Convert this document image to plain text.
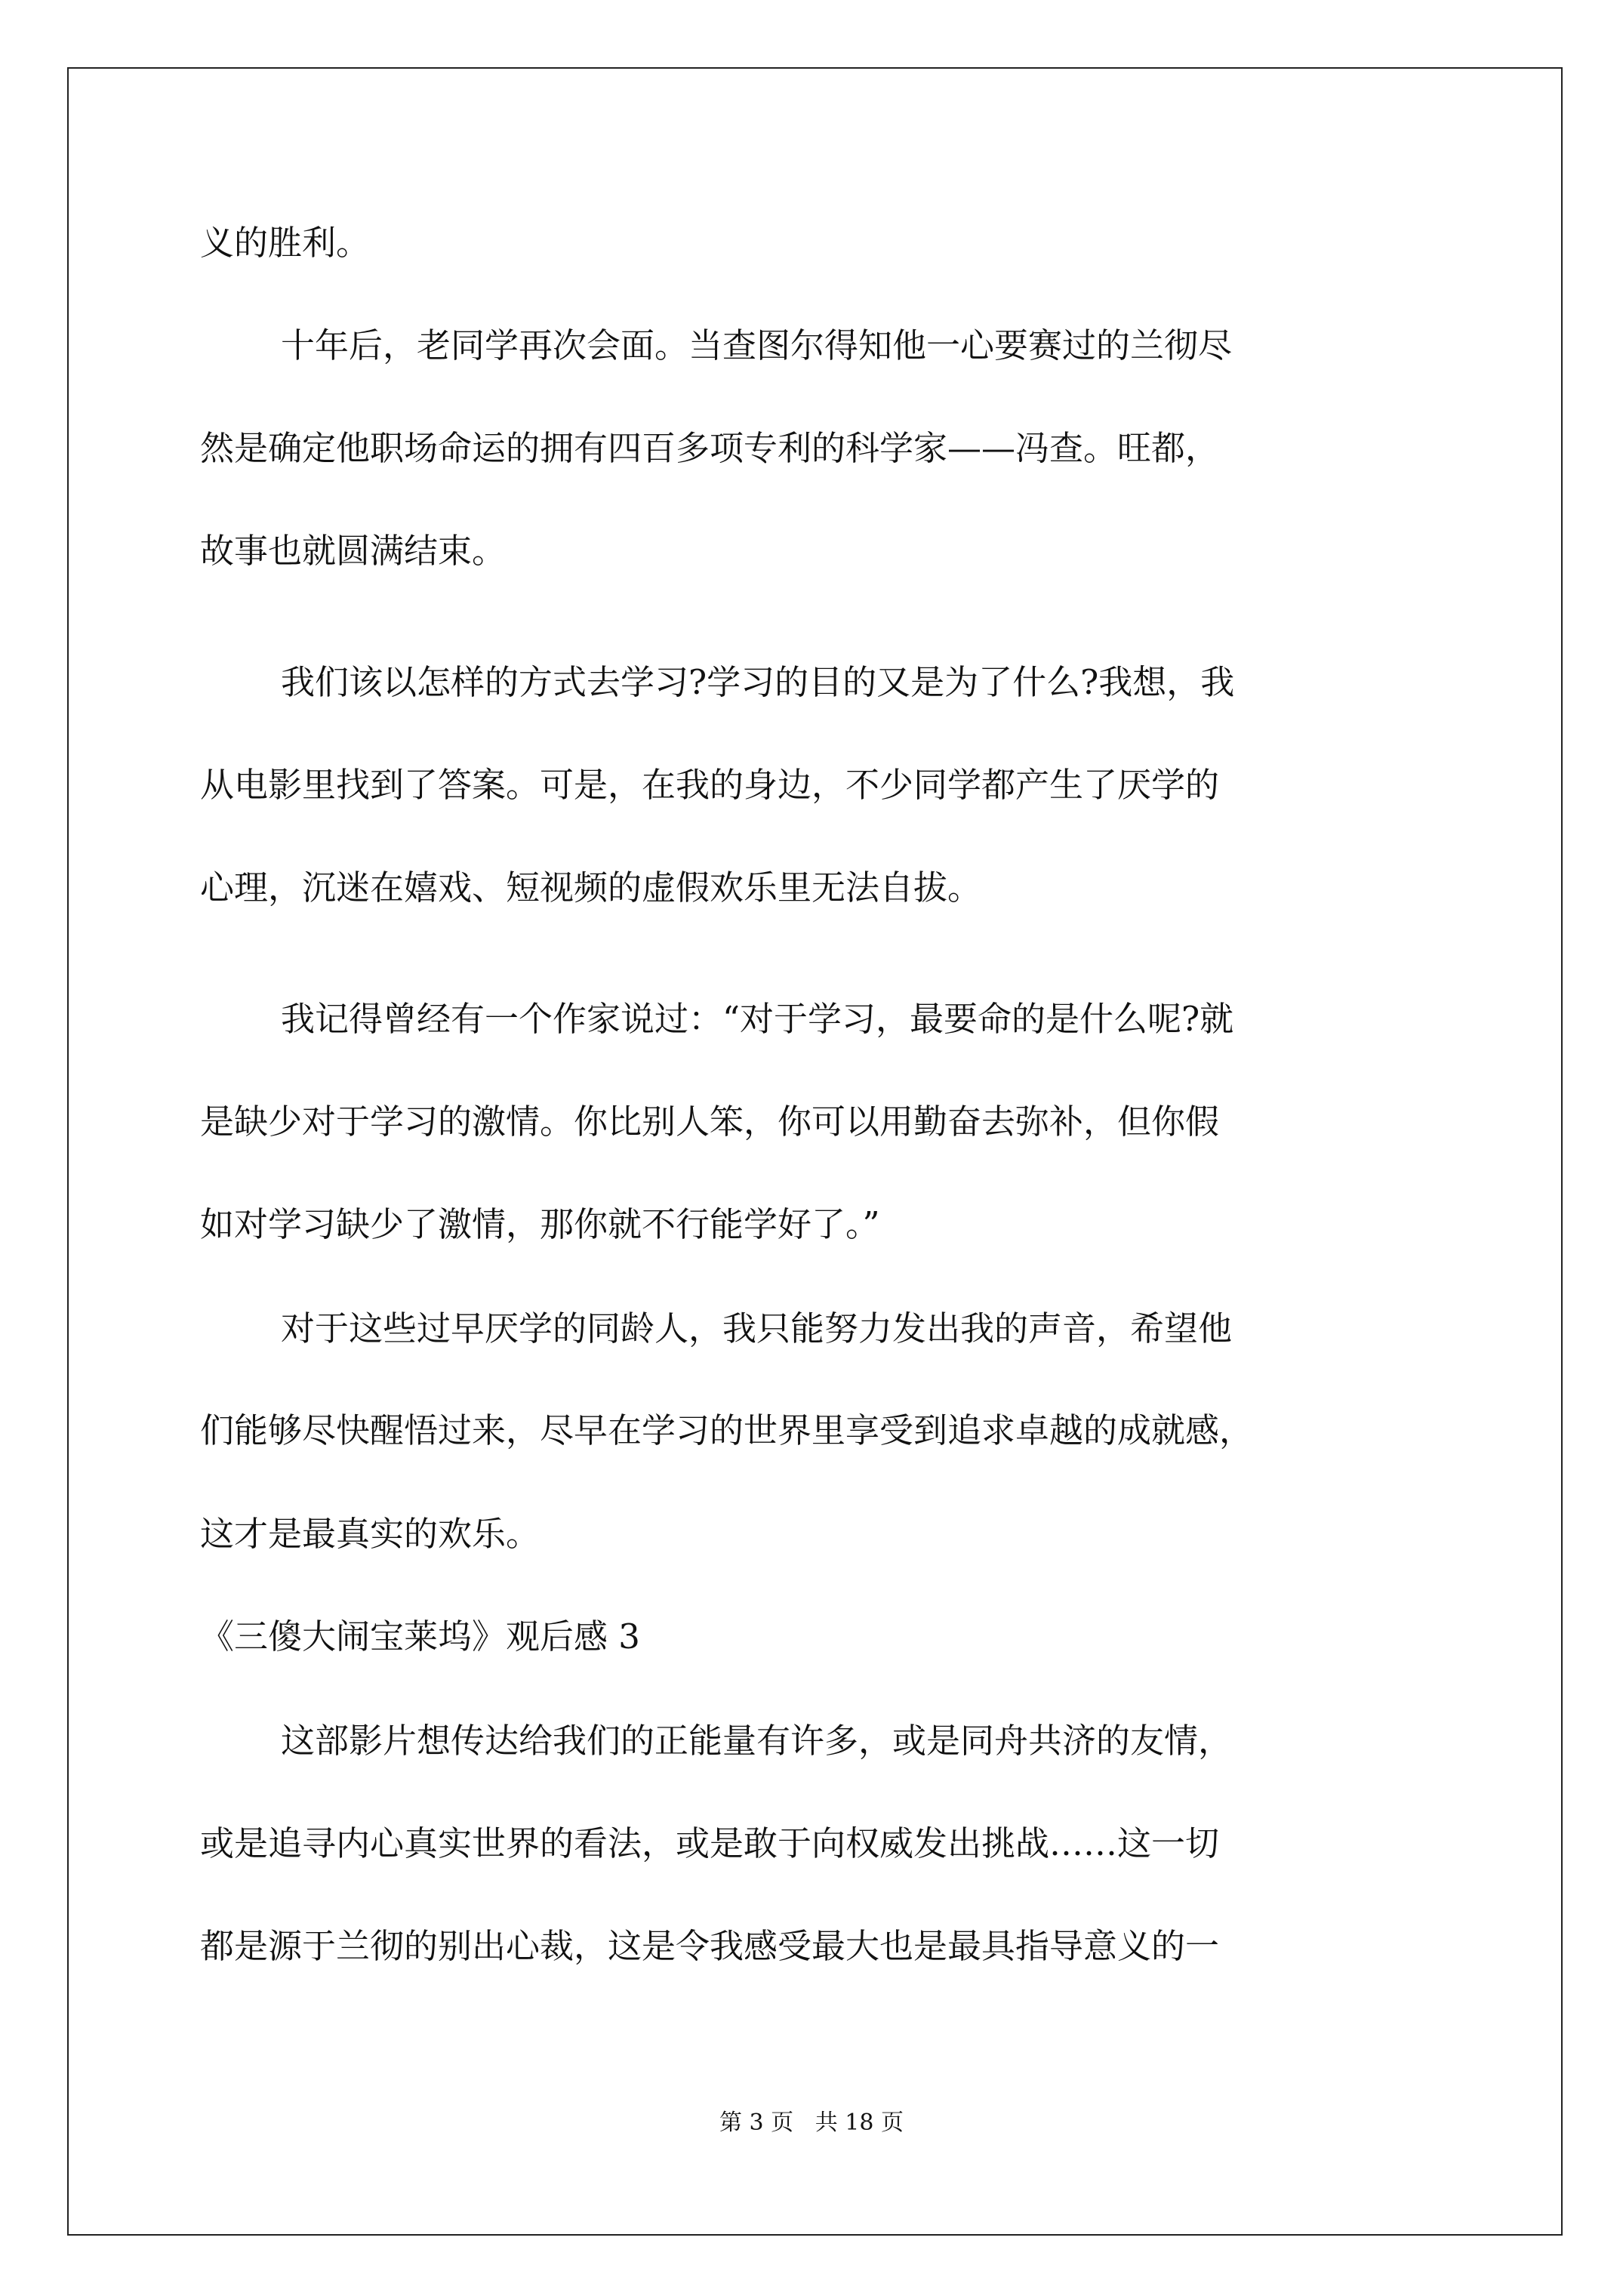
义的胜利。
十年后，老同学再次会面。当查图尔得知他一心要赛过的兰彻尽
然是确定他职场命运的拥有四百多项专利的科学家——冯查。旺都，
故事也就圆满结束。
我们该以怎样的方式去学习?学习的目的又是为了什么?我想，我
从电影里找到了答案。可是，在我的身边，不少同学都产生了厌学的
心理，沉迷在嬉戏、短视频的虚假欢乐里无法自拔。
我记得曾经有一个作家说过：“对于学习，最要命的是什么呢?就
是缺少对于学习的激情。你比别人笨，你可以用勤奋去弥补，但你假
如对学习缺少了激情，那你就不行能学好了。”
对于这些过早厌学的同龄人，我只能努力发出我的声音，希望他
们能够尽快醒悟过来，尽早在学习的世界里享受到追求卓越的成就感，
这才是最真实的欢乐。
《三傻大闹宝莱坞》观后感 3
这部影片想传达给我们的正能量有许多，或是同舟共济的友情，
或是追寻内心真实世界的看法，或是敢于向权威发出挑战……这一切
都是源于兰彻的别出心裁，这是令我感受最大也是最具指导意义的一
第 3 页   共 18 页
